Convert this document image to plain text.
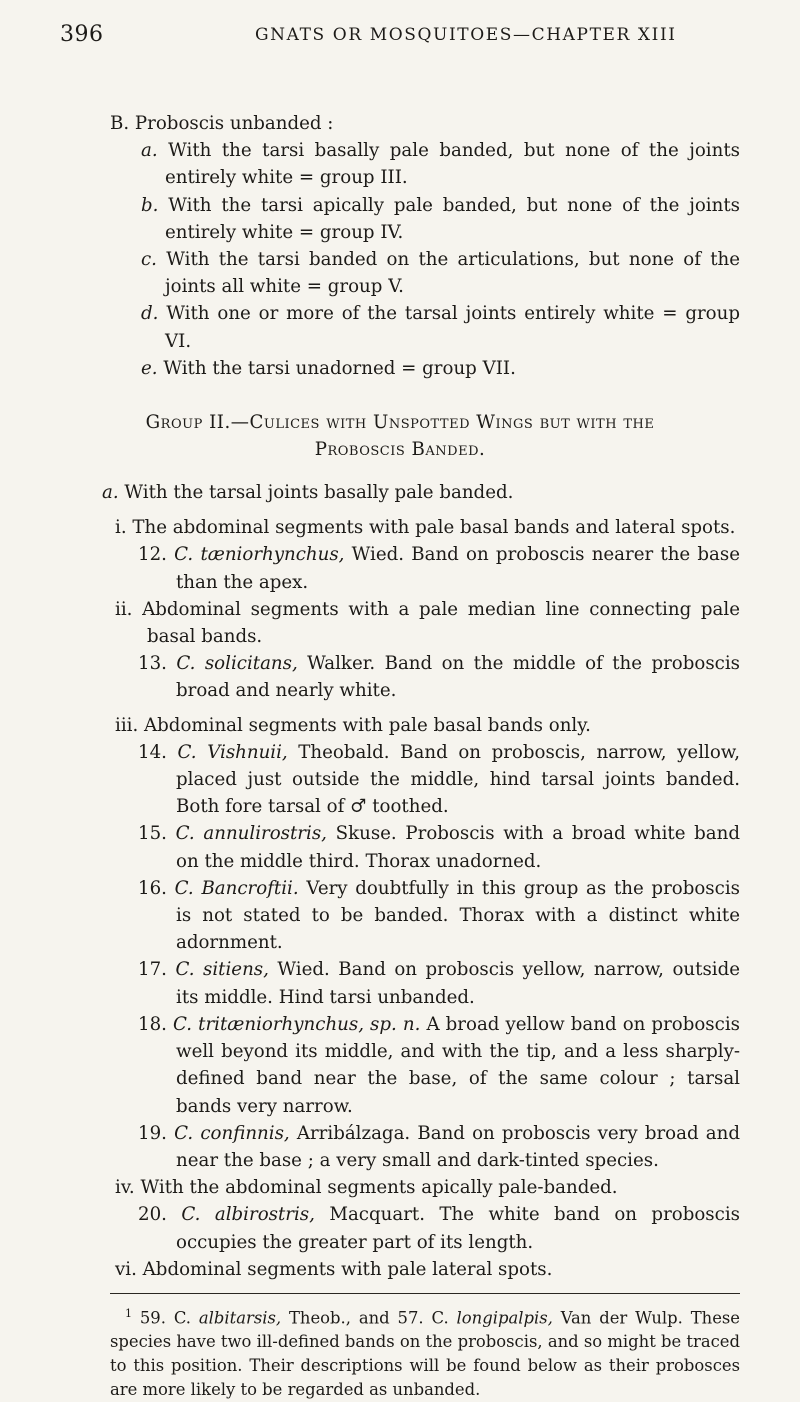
396	GNATS OR MOSQUITOES—CHAPTER XIII

B. Proboscis unbanded :

a. With the tarsi basally pale banded, but none of the joints entirely white = group III.

b. With the tarsi apically pale banded, but none of the joints entirely white = group IV.

c. With the tarsi banded on the articulations, but none of the joints all white = group V.

d. With one or more of the tarsal joints entirely white = group VI.

e. With the tarsi unadorned = group VII.

Group II.—Culices with Unspotted Wings but with the
Proboscis Banded.

a. With the tarsal joints basally pale banded.

i. The abdominal segments with pale basal bands and lateral spots.

12. C. tæniorhynchus, Wied. Band on proboscis nearer the base than the apex.

ii. Abdominal segments with a pale median line connecting pale basal bands.

13. C. solicitans, Walker. Band on the middle of the proboscis broad and nearly white.

iii. Abdominal segments with pale basal bands only.

14. C. Vishnuii, Theobald. Band on proboscis, narrow, yellow, placed just outside the middle, hind tarsal joints banded. Both fore tarsal of ♂ toothed.

15. C. annulirostris, Skuse. Proboscis with a broad white band on the middle third. Thorax unadorned.

16. C. Bancroftii. Very doubtfully in this group as the proboscis is not stated to be banded. Thorax with a distinct white adornment.

17. C. sitiens, Wied. Band on proboscis yellow, narrow, outside its middle. Hind tarsi unbanded.

18. C. tritæniorhynchus, sp. n. A broad yellow band on proboscis well beyond its middle, and with the tip, and a less sharply-defined band near the base, of the same colour ; tarsal bands very narrow.

19. C. confinnis, Arribálzaga. Band on proboscis very broad and near the base ; a very small and dark-tinted species.

iv. With the abdominal segments apically pale-banded.

20. C. albirostris, Macquart. The white band on proboscis occupies the greater part of its length.

vi. Abdominal segments with pale lateral spots.

$^1$ 59. C. albitarsis, Theob., and 57. C. longipalpis, Van der Wulp. These species have two ill-defined bands on the proboscis, and so might be traced to this position. Their descriptions will be found below as their probosces are more likely to be regarded as unbanded.
